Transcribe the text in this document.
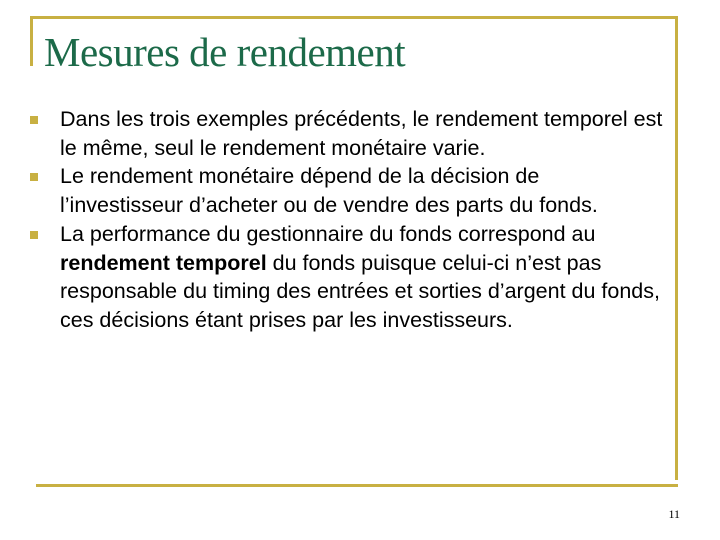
Mesures de rendement
Dans les trois exemples précédents, le rendement temporel est le même, seul le rendement monétaire varie.
Le rendement monétaire dépend de la décision de l’investisseur d’acheter ou de vendre des parts du fonds.
La performance du gestionnaire du fonds correspond au rendement temporel du fonds puisque celui-ci n’est pas responsable du timing des entrées et sorties d’argent du fonds, ces décisions étant prises par les investisseurs.
11
